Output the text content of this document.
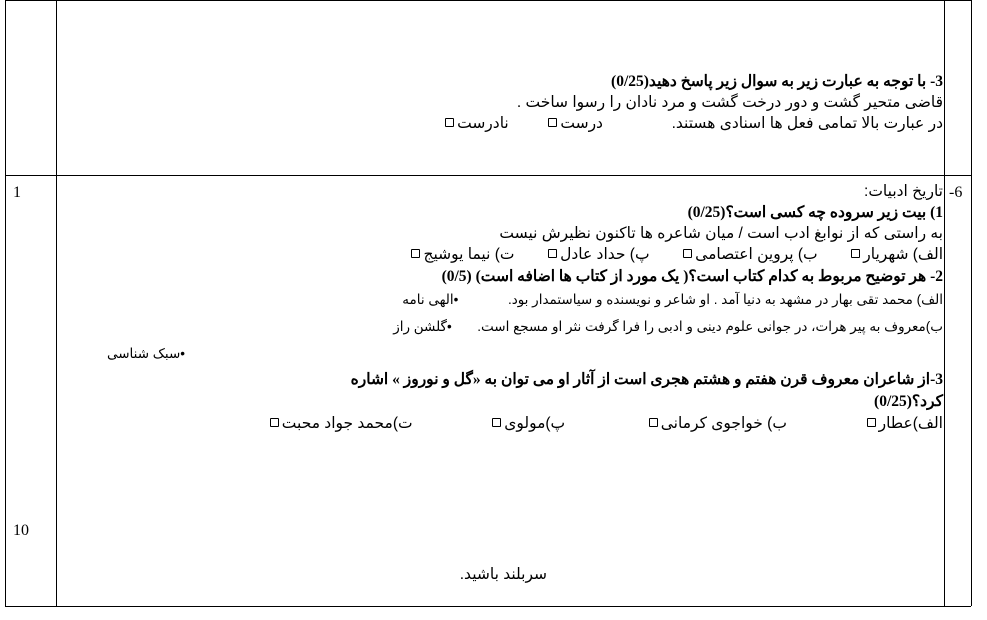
3- با توجه به عبارت زیر به سوال زیر پاسخ دهید(0/25)
قاضی متحیر گشت و دور درخت گشت و مرد نادان را رسوا ساخت .
در عبارت بالا تمامی فعل ها اسنادی هستند.  درست  نادرست
-6
1
10
تاریخ ادبیات:
1) بیت زیر سروده چه کسی است؟(0/25)
به راستی که از نوابغ ادب است / میان شاعره ها تاکنون نظیرش نیست
الف) شهریار  ب) پروین اعتصامی  پ) حداد عادل  ت) نیما یوشیج
2- هر توضیح مربوط به کدام کتاب است؟( یک مورد از کتاب ها اضافه است) (0/5)
الف) محمد تقی بهار در مشهد به دنیا آمد . او شاعر و نویسنده و سیاستمدار بود.  •الهی نامه
ب)معروف به پیر هرات، در جوانی علوم دینی و ادبی را فرا گرفت نثر او مسجع است.  •گلشن راز
•سبک شناسی
3-از شاعران معروف قرن هفتم و هشتم هجری است از آثار او می توان به «گل و نوروز » اشاره
کرد؟(0/25)
الف)عطار  ب) خواجوی کرمانی  پ)مولوی  ت)محمد جواد محبت
سربلند باشید.
